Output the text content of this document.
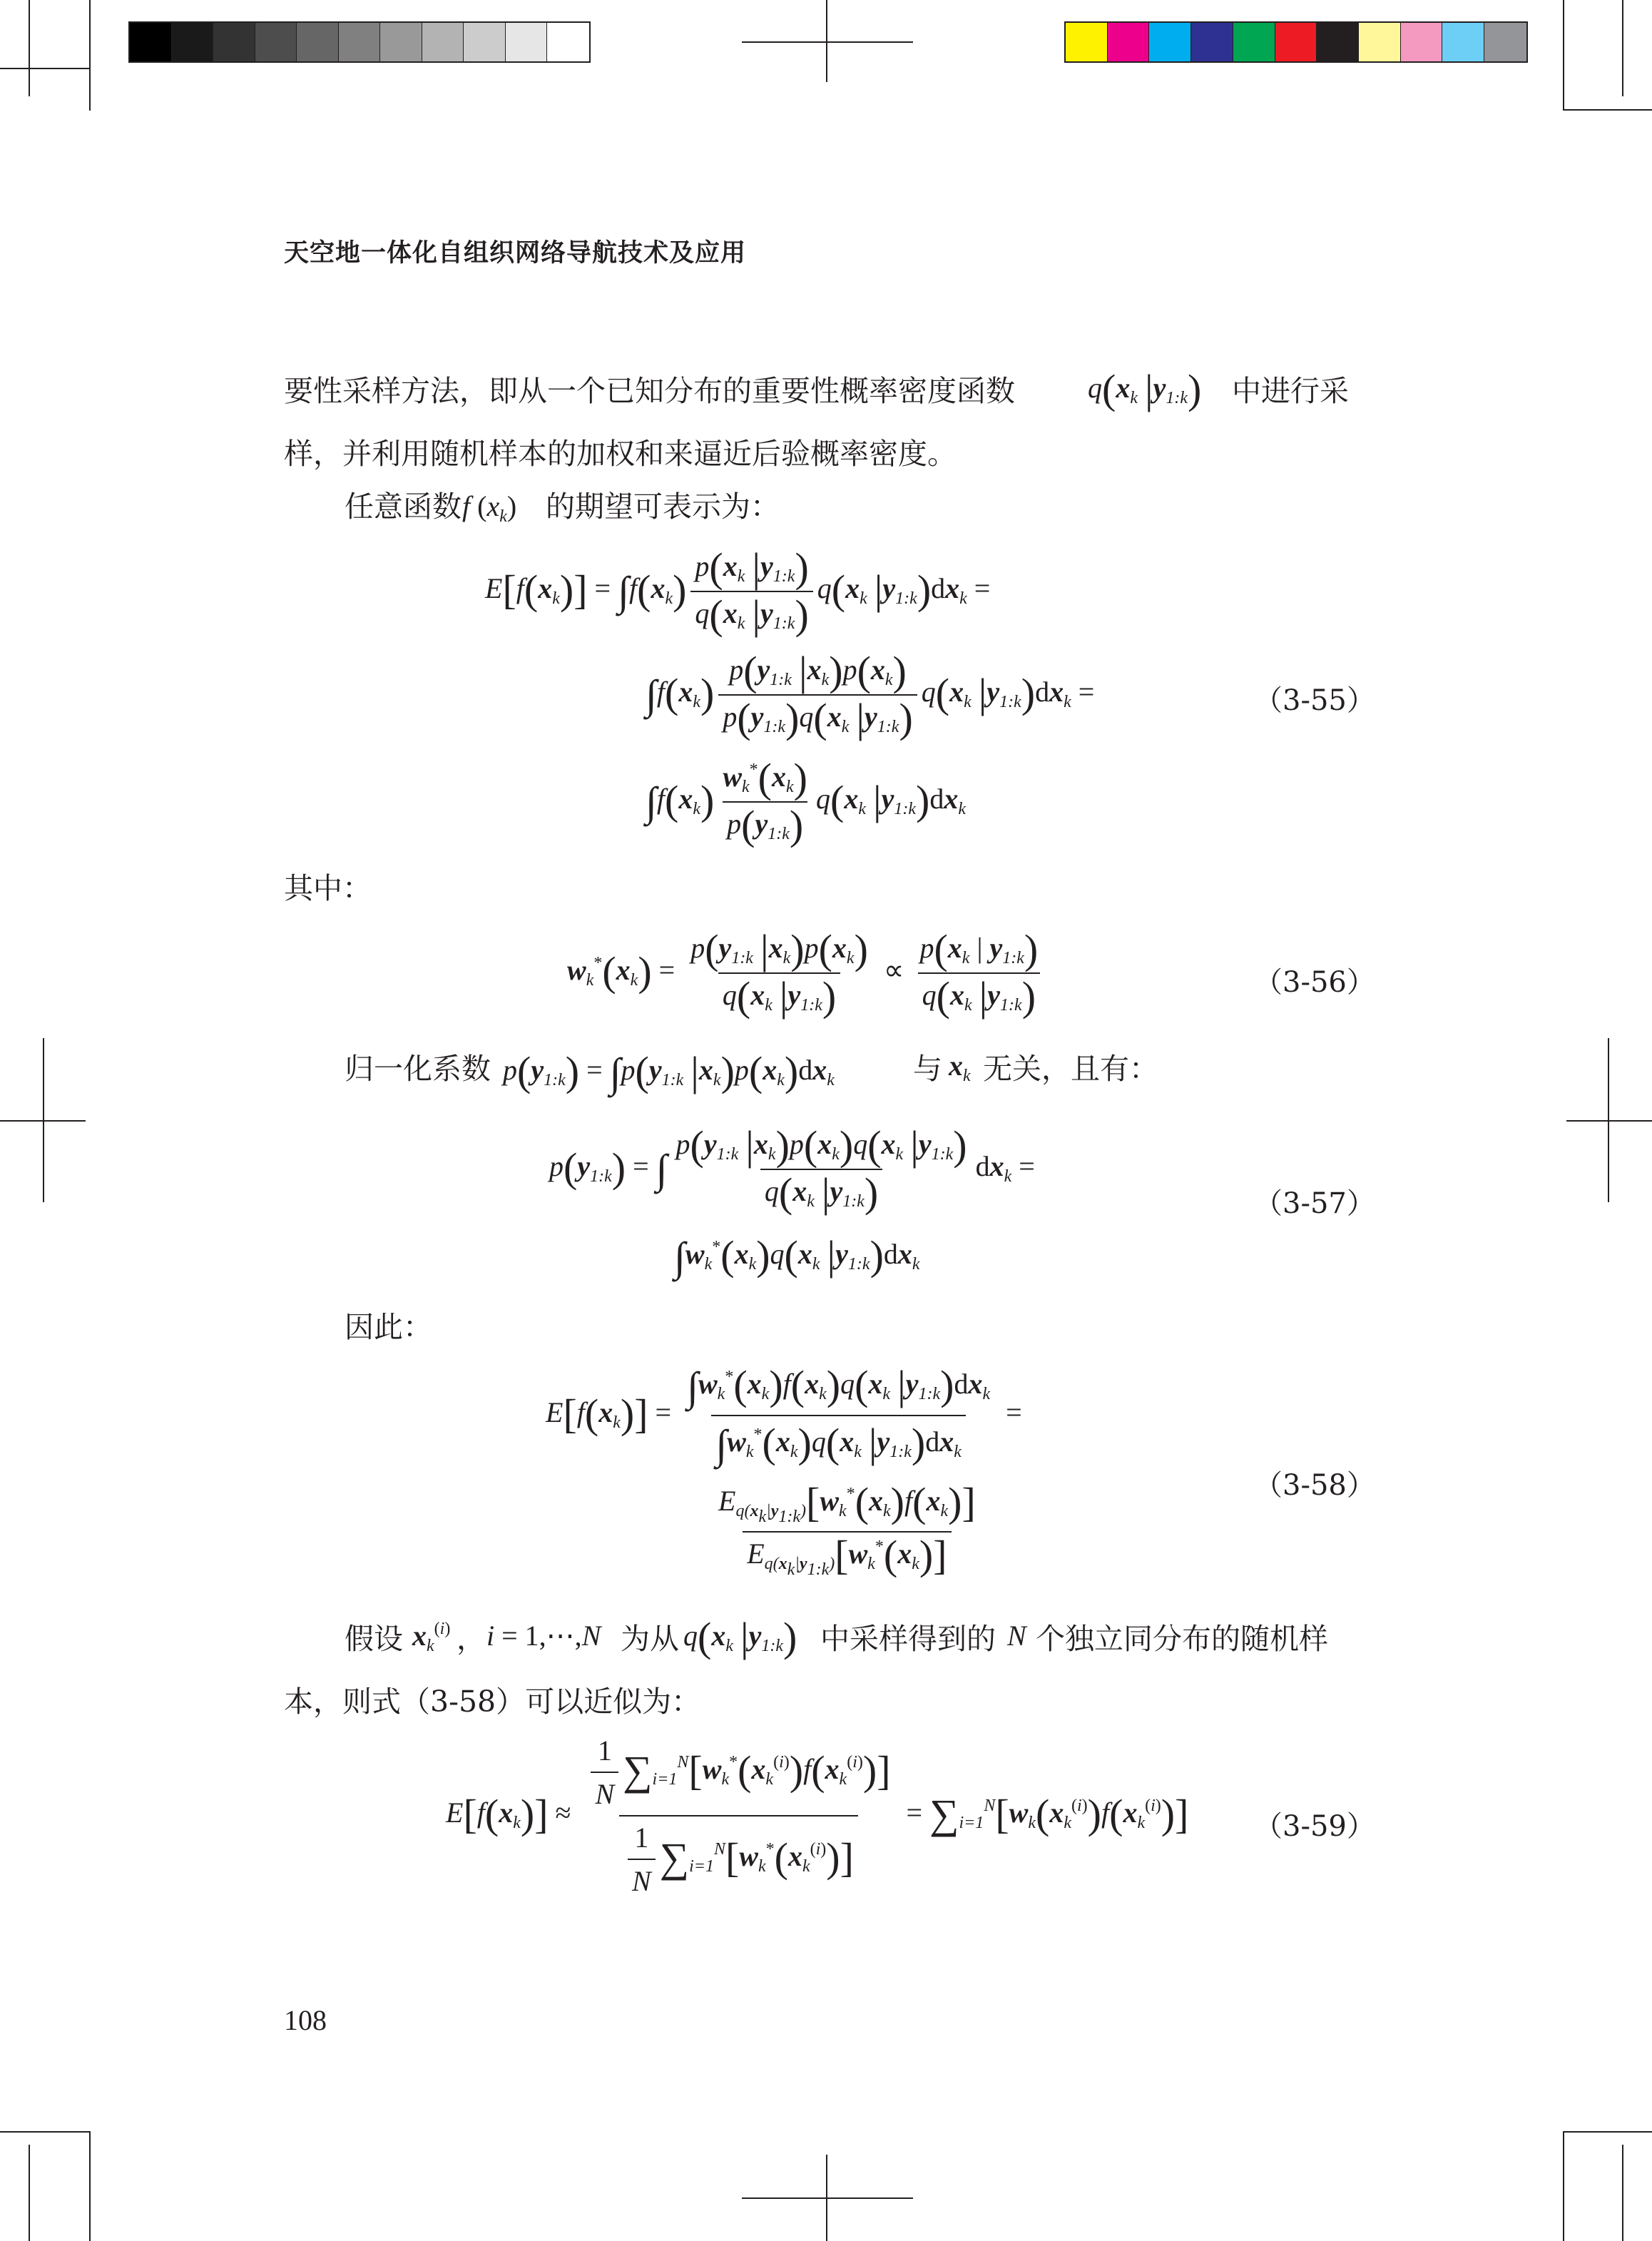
天空地一体化自组织网络导航技术及应用
要性采样方法，即从一个已知分布的重要性概率密度函数	$q(x_k$ $|y_{1:k}$) 中进行采
样，并利用随机样本的加权和来逼近后验概率密度。
任意函数 f $(x_k)$ 的期望可表示为：
$E[f(x_k)] = \int f(x_k) \frac{p(x_k |y_{1:k})}{q(x_k |y_{1:k})} q(x_k$ $|y_{1:k})dx_k$ =
$\int f(x_k) \frac{p(y_{1:k} |x_k)p(x_k)}{p(y_{1:k})q(x_k |y_{1:k})} q(x_k$ $|y_{1:k})dx_k$ =	（3-55）
$\int f(x_k) \frac{w_k^*(x_k)}{p(y_{1:k})} q(x_k$ $|y_{1:k})dx_k$
其中：
$w_k^*(x_k) = \frac{p(y_{1:k} |x_k)p(x_k)}{q(x_k |y_{1:k})} \propto \frac{p(x_k | y_{1:k})}{q(x_k |y_{1:k})}$	（3-56）
归一化系数 $p(y_{1:k}) = \int p(y_{1:k}$ $|x_k)p(x_k)dx_k$	与 $x_k$ 无关，且有：
$p(y_{1:k})$ = ∫ $\frac{p(y_{1:k} |x_k)p(x_k)q(x_k |y_{1:k})}{q(x_k |y_{1:k})} dx_k$ =
（3-57）
$\int w_k^*(x_k)q(x_k$ $|y_{1:k})dx_k$
因此：
$E[f(x_k)] = \frac{\int w_k^*(x_k)f(x_k)q(x_k |y_{1:k})dx_k}{\int w_k^*(x_k)q(x_k |y_{1:k})dx_k}$ =
（3-58）
$\frac{E_{q(x_k|y_{1:k})}[w_k^*(x_k)f(x_k)]}{E_{q(x_k|y_{1:k})}[w_k^*(x_k)]}$
假设 $x_k^{(i)}$ ， i = 1,⋯,N 为从 $q(x_k$ $|y_{1:k}$) 中采样得到的 N 个独立同分布的随机样
本，则式（3-58）可以近似为：
$E[f(x_k)] \approx \frac{\frac{1}{N} \sum_{i=1}^N[w_k^*(x_k^{(i)})f(x_k^{(i)})]}{\frac{1}{N} \sum_{i=1}^N[w_k^*(x_k^{(i)})]} = \sum_{i=1}^N[w_k(x_k^{(i)})f(x_k^{(i)})]$ （3-59）
108
